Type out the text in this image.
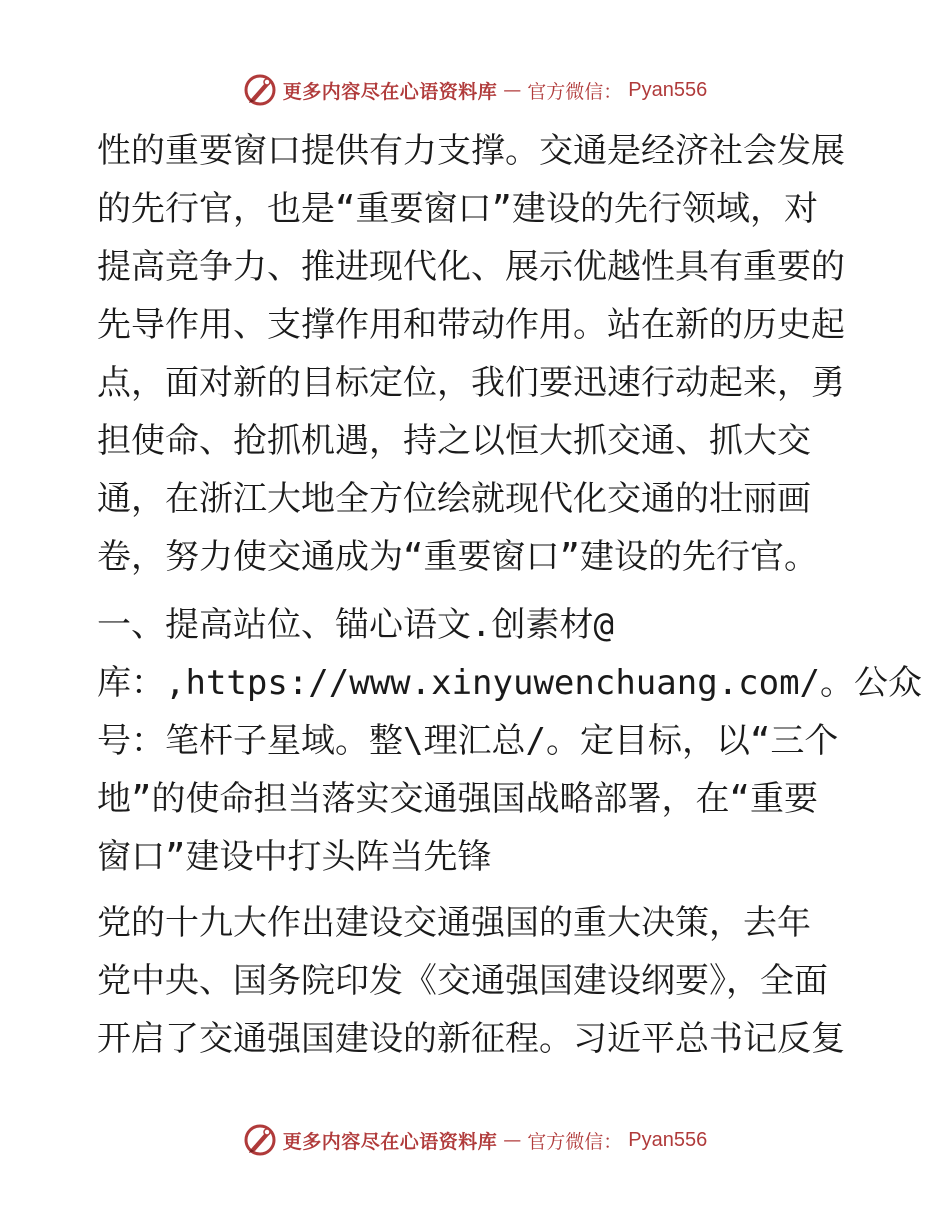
更多内容尽在心语资料库 — 官方微信： Pyan556
性的重要窗口提供有力支撑。交通是经济社会发展
的先行官，也是“重要窗口”建设的先行领域，对
提高竞争力、推进现代化、展示优越性具有重要的
先导作用、支撑作用和带动作用。站在新的历史起
点，面对新的目标定位，我们要迅速行动起来，勇
担使命、抢抓机遇，持之以恒大抓交通、抓大交
通，在浙江大地全方位绘就现代化交通的壮丽画
卷，努力使交通成为“重要窗口”建设的先行官。
一、提高站位、锚心语文.创素材@
库：,https://www.xinyuwenchuang.com/。公众
号：笔杆子星域。整\理汇总/。定目标，以“三个
地”的使命担当落实交通强国战略部署，在“重要
窗口”建设中打头阵当先锋
党的十九大作出建设交通强国的重大决策，去年
党中央、国务院印发《交通强国建设纲要》，全面
开启了交通强国建设的新征程。习近平总书记反复
更多内容尽在心语资料库 — 官方微信： Pyan556
